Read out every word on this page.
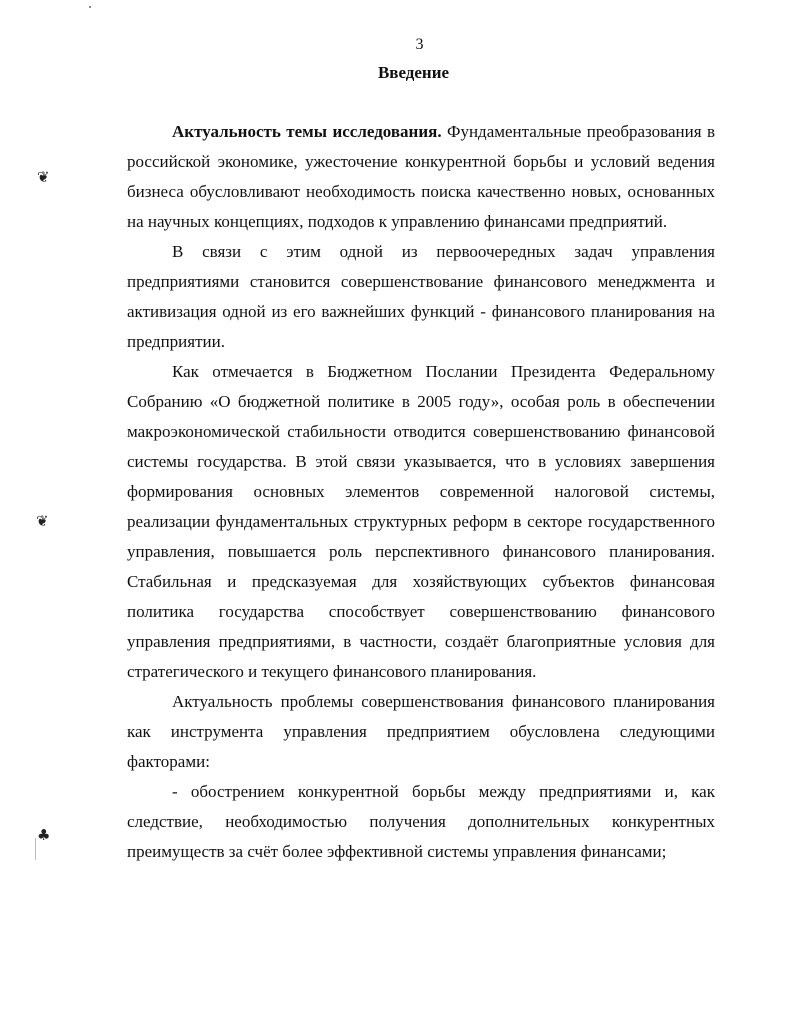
3
Введение

Актуальность темы исследования. Фундаментальные преобразования в российской экономике, ужесточение конкурентной борьбы и условий ведения бизнеса обусловливают необходимость поиска качественно новых, основанных на научных концепциях, подходов к управлению финансами предприятий.

В связи с этим одной из первоочередных задач управления предприятиями становится совершенствование финансового менеджмента и активизация одной из его важнейших функций - финансового планирования на предприятии.

Как отмечается в Бюджетном Послании Президента Федеральному Собранию «О бюджетной политике в 2005 году», особая роль в обеспечении макроэкономической стабильности отводится совершенствованию финансовой системы государства. В этой связи указывается, что в условиях завершения формирования основных элементов современной налоговой системы, реализации фундаментальных структурных реформ в секторе государственного управления, повышается роль перспективного финансового планирования. Стабильная и предсказуемая для хозяйствующих субъектов финансовая политика государства способствует совершенствованию финансового управления предприятиями, в частности, создаёт благоприятные условия для стратегического и текущего финансового планирования.

Актуальность проблемы совершенствования финансового планирования как инструмента управления предприятием обусловлена следующими факторами:

- обострением конкурентной борьбы между предприятиями и, как следствие, необходимостью получения дополнительных конкурентных преимуществ за счёт более эффективной системы управления финансами;

❦
❦
♣
